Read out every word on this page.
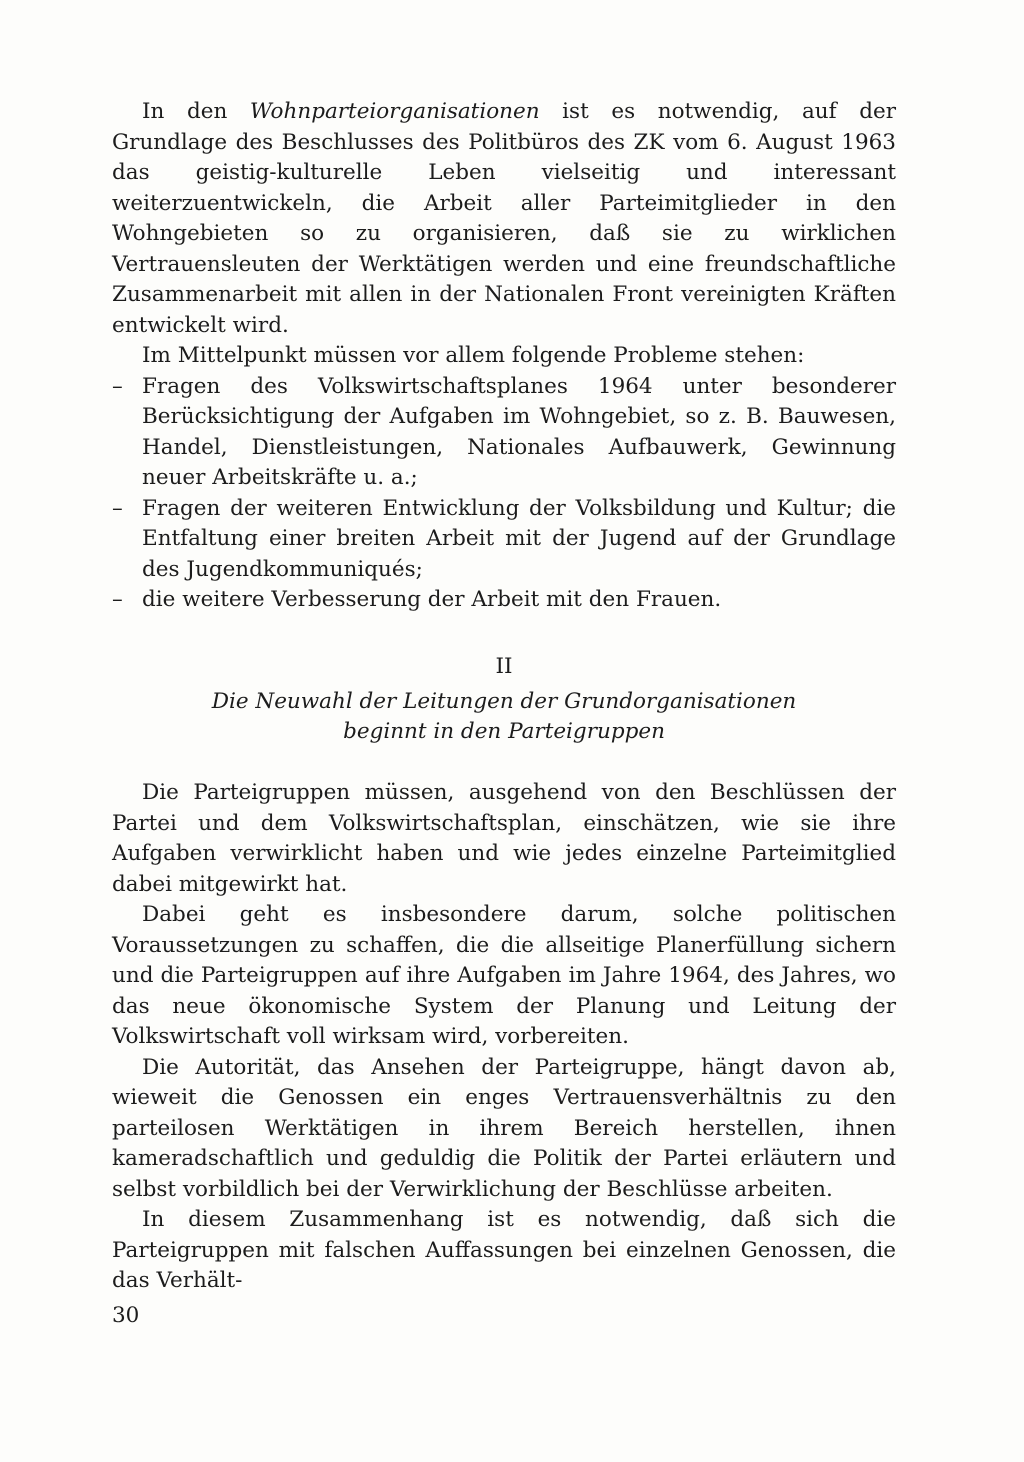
In den Wohnparteiorganisationen ist es notwendig, auf der Grundlage des Beschlusses des Politbüros des ZK vom 6. August 1963 das geistig-kulturelle Leben vielseitig und interessant weiterzuentwickeln, die Arbeit aller Parteimitglieder in den Wohngebieten so zu organisieren, daß sie zu wirklichen Vertrauensleuten der Werktätigen werden und eine freundschaftliche Zusammenarbeit mit allen in der Nationalen Front vereinigten Kräften entwickelt wird.

Im Mittelpunkt müssen vor allem folgende Probleme stehen:

– Fragen des Volkswirtschaftsplanes 1964 unter besonderer Berücksichtigung der Aufgaben im Wohngebiet, so z. B. Bauwesen, Handel, Dienstleistungen, Nationales Aufbauwerk, Gewinnung neuer Arbeitskräfte u. a.;
– Fragen der weiteren Entwicklung der Volksbildung und Kultur; die Entfaltung einer breiten Arbeit mit der Jugend auf der Grundlage des Jugendkommuniqués;
– die weitere Verbesserung der Arbeit mit den Frauen.
II
Die Neuwahl der Leitungen der Grundorganisationen
beginnt in den Parteigruppen

Die Parteigruppen müssen, ausgehend von den Beschlüssen der Partei und dem Volkswirtschaftsplan, einschätzen, wie sie ihre Aufgaben verwirklicht haben und wie jedes einzelne Parteimitglied dabei mitgewirkt hat.

Dabei geht es insbesondere darum, solche politischen Voraussetzungen zu schaffen, die die allseitige Planerfüllung sichern und die Parteigruppen auf ihre Aufgaben im Jahre 1964, des Jahres, wo das neue ökonomische System der Planung und Leitung der Volkswirtschaft voll wirksam wird, vorbereiten.

Die Autorität, das Ansehen der Parteigruppe, hängt davon ab, wieweit die Genossen ein enges Vertrauensverhältnis zu den parteilosen Werktätigen in ihrem Bereich herstellen, ihnen kameradschaftlich und geduldig die Politik der Partei erläutern und selbst vorbildlich bei der Verwirklichung der Beschlüsse arbeiten.

In diesem Zusammenhang ist es notwendig, daß sich die Parteigruppen mit falschen Auffassungen bei einzelnen Genossen, die das Verhält-

30
